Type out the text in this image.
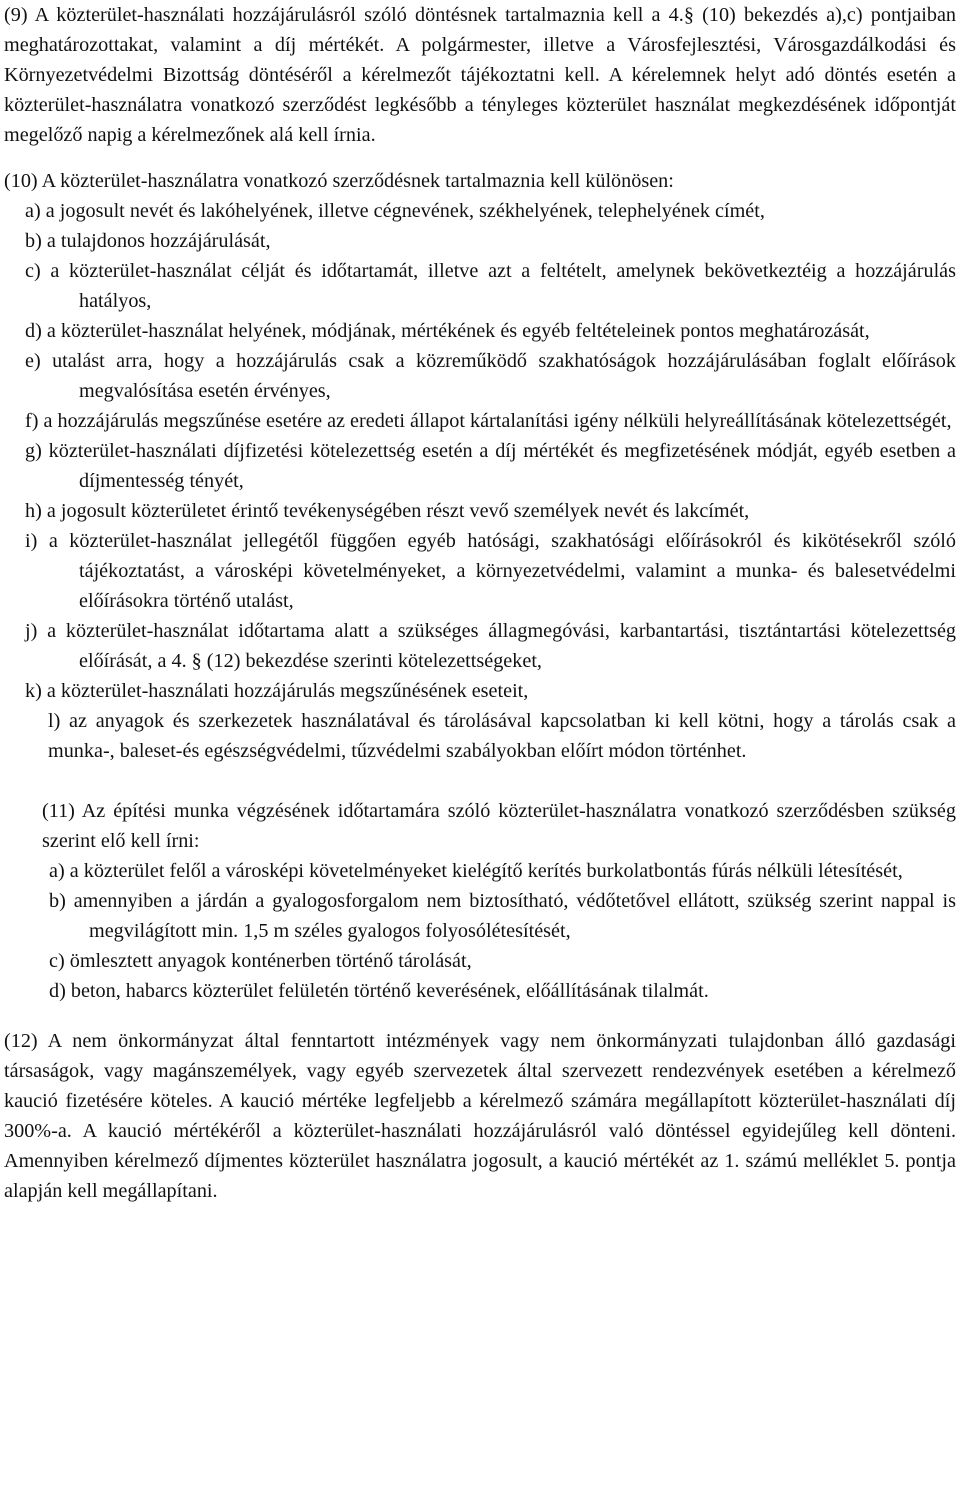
(9) A közterület-használati hozzájárulásról szóló döntésnek tartalmaznia kell a 4.§ (10) bekezdés a),c) pontjaiban meghatározottakat, valamint a díj mértékét. A polgármester, illetve a Városfejlesztési, Városgazdálkodási és Környezetvédelmi Bizottság döntéséről a kérelmezőt tájékoztatni kell. A kérelemnek helyt adó döntés esetén a közterület-használatra vonatkozó szerződést legkésőbb a tényleges közterület használat megkezdésének időpontját megelőző napig a kérelmezőnek alá kell írnia.

(10) A közterület-használatra vonatkozó szerződésnek tartalmaznia kell különösen:

a) a jogosult nevét és lakóhelyének, illetve cégnevének, székhelyének, telephelyének címét,

b) a tulajdonos hozzájárulását,

c) a közterület-használat célját és időtartamát, illetve azt a feltételt, amelynek bekövetkeztéig a hozzájárulás hatályos,

d) a közterület-használat helyének, módjának, mértékének és egyéb feltételeinek pontos meghatározását,

e) utalást arra, hogy a hozzájárulás csak a közreműködő szakhatóságok hozzájárulásában foglalt előírások megvalósítása esetén érvényes,

f) a hozzájárulás megszűnése esetére az eredeti állapot kártalanítási igény nélküli helyreállításának kötelezettségét,

g) közterület-használati díjfizetési kötelezettség esetén a díj mértékét és megfizetésének módját, egyéb esetben a díjmentesség tényét,

h) a jogosult közterületet érintő tevékenységében részt vevő személyek nevét és lakcímét,

i) a közterület-használat jellegétől függően egyéb hatósági, szakhatósági előírásokról és kikötésekről szóló tájékoztatást, a városképi követelményeket, a környezetvédelmi, valamint a munka- és balesetvédelmi előírásokra történő utalást,

j) a közterület-használat időtartama alatt a szükséges állagmegóvási, karbantartási, tisztántartási kötelezettség előírását, a 4. § (12) bekezdése szerinti kötelezettségeket,

k) a közterület-használati hozzájárulás megszűnésének eseteit,

l) az anyagok és szerkezetek használatával és tárolásával kapcsolatban ki kell kötni, hogy a tárolás csak a munka-, baleset-és egészségvédelmi, tűzvédelmi szabályokban előírt módon történhet.

(11) Az építési munka végzésének időtartamára szóló közterület-használatra vonatkozó szerződésben szükség szerint elő kell írni:

a) a közterület felől a városképi követelményeket kielégítő kerítés burkolatbontás fúrás nélküli létesítését,

b) amennyiben a járdán a gyalogosforgalom nem biztosítható, védőtetővel ellátott, szükség szerint nappal is megvilágított min. 1,5 m széles gyalogos folyosólétesítését,

c) ömlesztett anyagok konténerben történő tárolását,

d) beton, habarcs közterület felületén történő keverésének, előállításának tilalmát.

(12) A nem önkormányzat által fenntartott intézmények vagy nem önkormányzati tulajdonban álló gazdasági társaságok, vagy magánszemélyek, vagy egyéb szervezetek által szervezett rendezvények esetében a kérelmező kaució fizetésére köteles. A kaució mértéke legfeljebb a kérelmező számára megállapított közterület-használati díj 300%-a. A kaució mértékéről a közterület-használati hozzájárulásról való döntéssel egyidejűleg kell dönteni. Amennyiben kérelmező díjmentes közterület használatra jogosult, a kaució mértékét az 1. számú melléklet 5. pontja alapján kell megállapítani.
